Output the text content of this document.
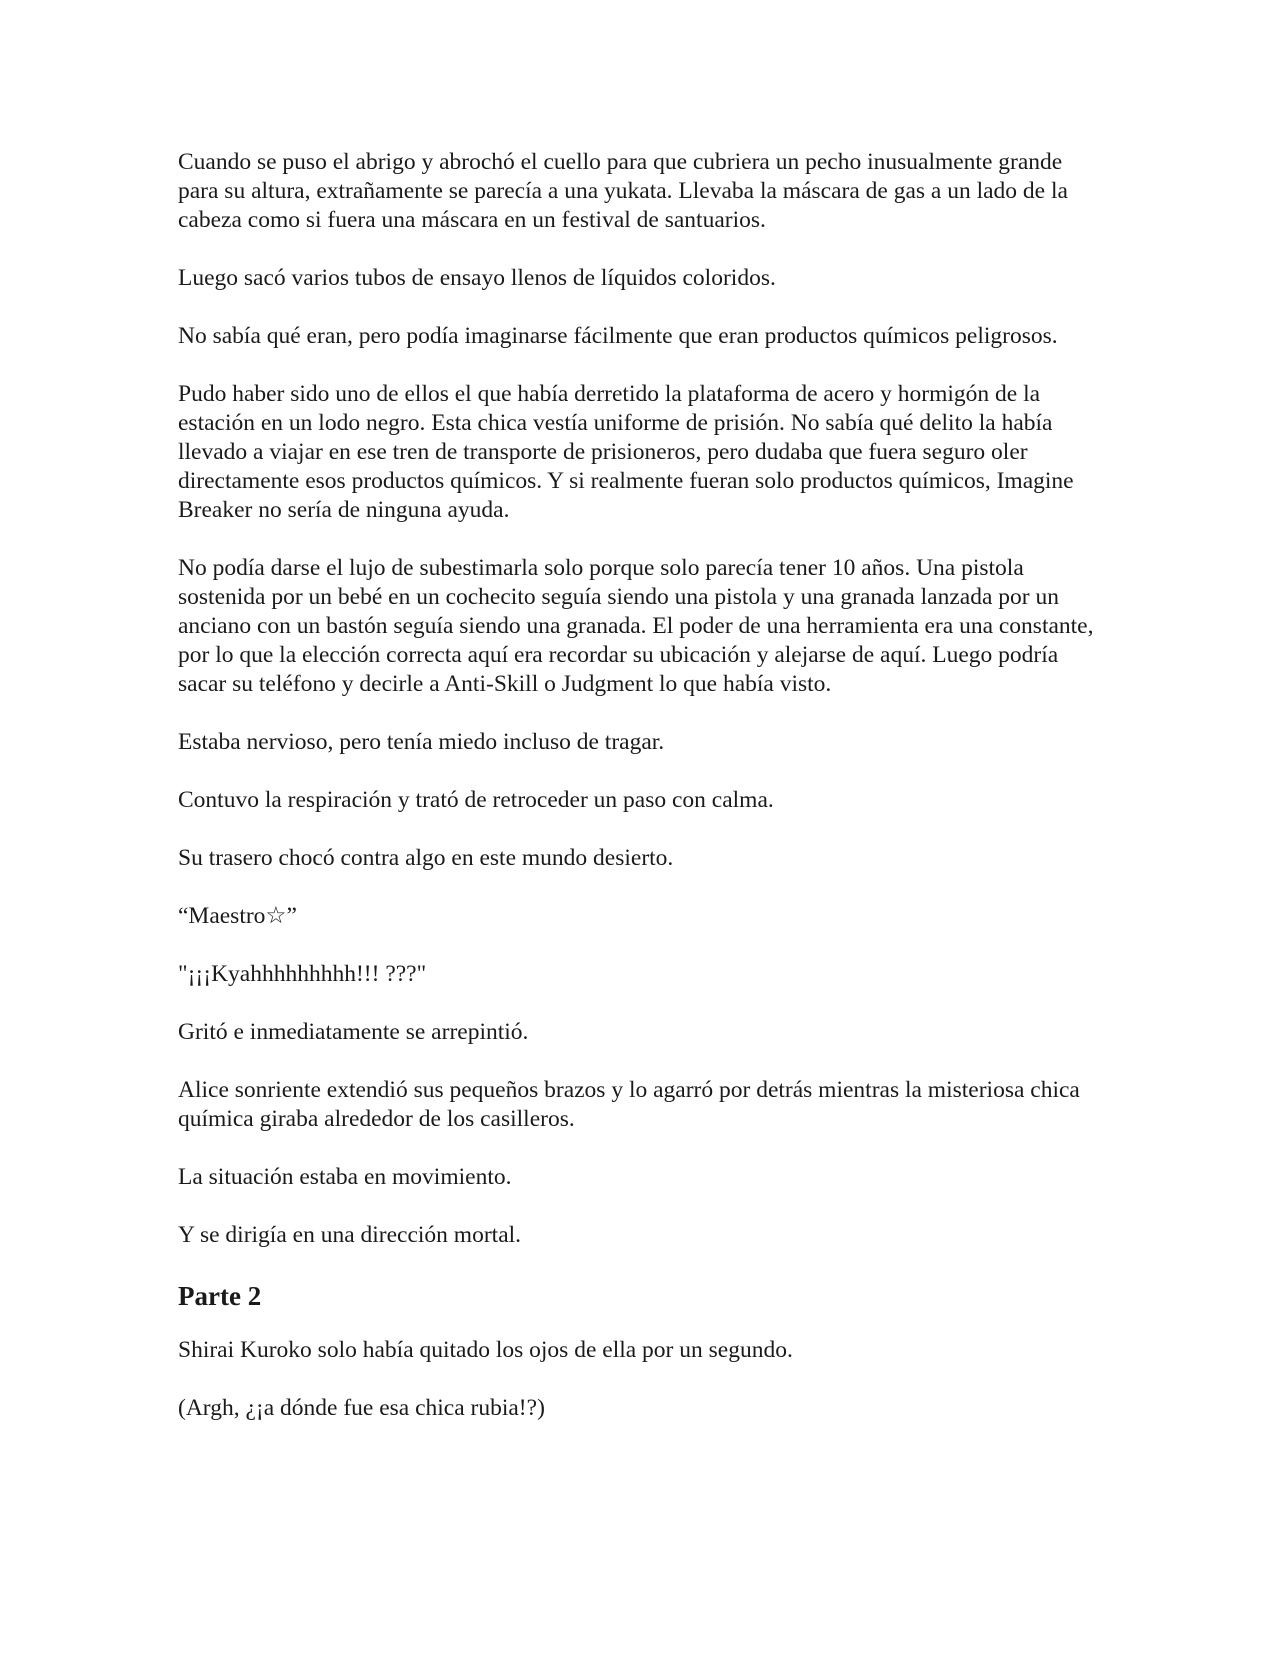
Cuando se puso el abrigo y abrochó el cuello para que cubriera un pecho inusualmente grande para su altura, extrañamente se parecía a una yukata. Llevaba la máscara de gas a un lado de la cabeza como si fuera una máscara en un festival de santuarios.

Luego sacó varios tubos de ensayo llenos de líquidos coloridos.

No sabía qué eran, pero podía imaginarse fácilmente que eran productos químicos peligrosos.

Pudo haber sido uno de ellos el que había derretido la plataforma de acero y hormigón de la estación en un lodo negro. Esta chica vestía uniforme de prisión. No sabía qué delito la había llevado a viajar en ese tren de transporte de prisioneros, pero dudaba que fuera seguro oler directamente esos productos químicos. Y si realmente fueran solo productos químicos, Imagine Breaker no sería de ninguna ayuda.

No podía darse el lujo de subestimarla solo porque solo parecía tener 10 años. Una pistola sostenida por un bebé en un cochecito seguía siendo una pistola y una granada lanzada por un anciano con un bastón seguía siendo una granada. El poder de una herramienta era una constante, por lo que la elección correcta aquí era recordar su ubicación y alejarse de aquí. Luego podría sacar su teléfono y decirle a Anti-Skill o Judgment lo que había visto.

Estaba nervioso, pero tenía miedo incluso de tragar.

Contuvo la respiración y trató de retroceder un paso con calma.

Su trasero chocó contra algo en este mundo desierto.

“Maestro☆”

"¡¡¡Kyahhhhhhhhh!!! ???"

Gritó e inmediatamente se arrepintió.

Alice sonriente extendió sus pequeños brazos y lo agarró por detrás mientras la misteriosa chica química giraba alrededor de los casilleros.

La situación estaba en movimiento.

Y se dirigía en una dirección mortal.

Parte 2

Shirai Kuroko solo había quitado los ojos de ella por un segundo.

(Argh, ¿¡a dónde fue esa chica rubia!?)
